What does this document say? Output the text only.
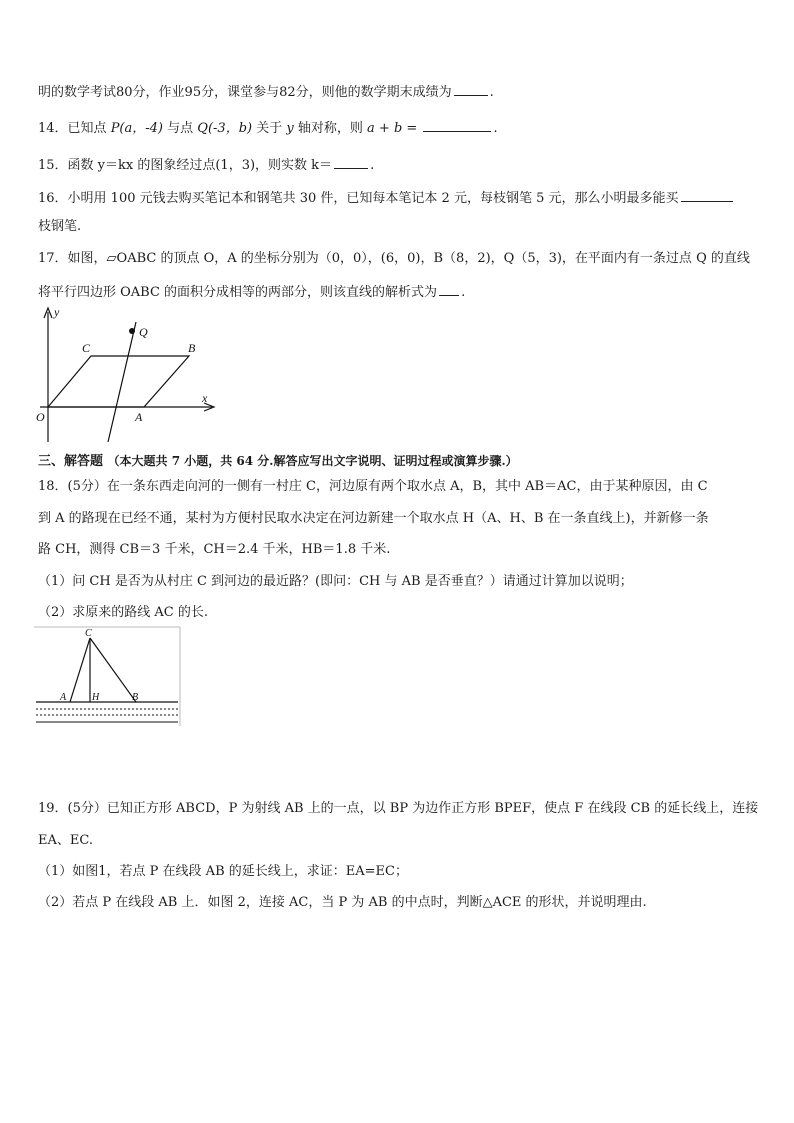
明的数学考试80分，作业95分，课堂参与82分，则他的数学期末成绩为	.
14．已知点 P(a，-4) 与点 Q(-3，b) 关于 y 轴对称，则 a + b =	.
15．函数 y＝kx 的图象经过点(1，3)，则实数 k＝	.
16．小明用 100 元钱去购买笔记本和钢笔共 30 件，已知每本笔记本 2 元，每枝钢笔 5 元，那么小明最多能买
枝钢笔.
17．如图，▱OABC 的顶点 O，A 的坐标分别为（0，0），(6，0)，B（8，2)，Q（5，3)，在平面内有一条过点 Q 的直线
将平行四边形 OABC 的面积分成相等的两部分，则该直线的解析式为 .
y
x
Q
C	B
O	A
三、解答题 （本大题共 7 小题，共 64 分.解答应写出文字说明、证明过程或演算步骤.）
18．(5分）在一条东西走向河的一侧有一村庄 C，河边原有两个取水点 A，B，其中 AB＝AC，由于某种原因，由 C
到 A 的路现在已经不通，某村为方便村民取水决定在河边新建一个取水点 H（A、H、B 在一条直线上)，并新修一条
路 CH，测得 CB＝3 千米，CH＝2.4 千米，HB＝1.8 千米.
（1）问 CH 是否为从村庄 C 到河边的最近路？(即问：CH 与 AB 是否垂直？）请通过计算加以说明；
（2）求原来的路线 AC 的长.
C
A	H	B
19．(5分）已知正方形 ABCD，P 为射线 AB 上的一点，以 BP 为边作正方形 BPEF，使点 F 在线段 CB 的延长线上，连接
EA、EC.
（1）如图1，若点 P 在线段 AB 的延长线上，求证：EA=EC；
（2）若点 P 在线段 AB 上．如图 2，连接 AC，当 P 为 AB 的中点时，判断△ACE 的形状，并说明理由.
